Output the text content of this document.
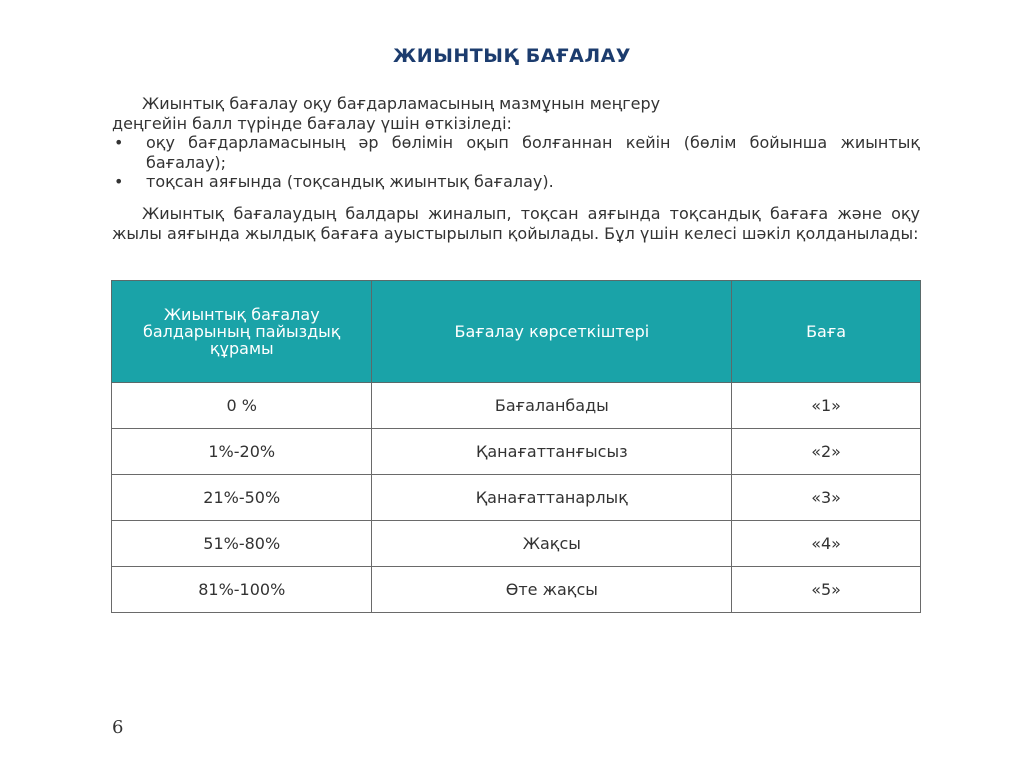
ЖИЫНТЫҚ БАҒАЛАУ
Жиынтық бағалау оқу бағдарламасының мазмұнын меңгеру
деңгейін балл түрінде бағалау үшін өткізіледі:
• оқу бағдарламасының әр бөлімін оқып болғаннан кейін (бөлім бойынша жиынтық бағалау);
• тоқсан аяғында (тоқсандық жиынтық бағалау).
Жиынтық бағалаудың балдары жиналып, тоқсан аяғында тоқсандық бағаға және оқу жылы аяғында жылдық бағаға ауыстырылып қойылады. Бұл үшін келесі шәкіл қолданылады:
Жиынтық бағалау балдарының пайыздық құрамы	Бағалау көрсеткіштері	Баға
0 %	Бағаланбады	«1»
1%-20%	Қанағаттанғысыз	«2»
21%-50%	Қанағаттанарлық	«3»
51%-80%	Жақсы	«4»
81%-100%	Өте жақсы	«5»
6
